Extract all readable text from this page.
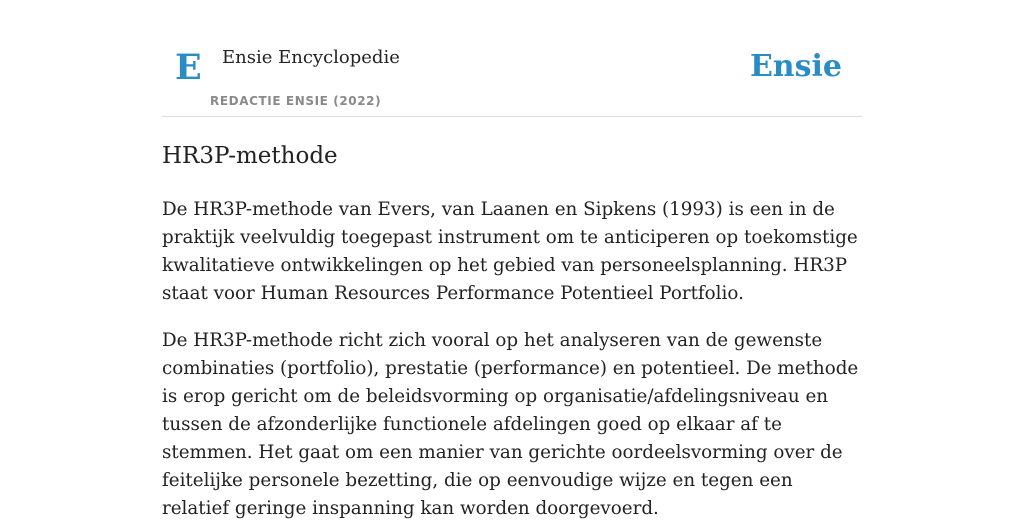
E Ensie Encyclopedie
REDACTIE ENSIE (2022)
Ensie
HR3P-methode

De HR3P-methode van Evers, van Laanen en Sipkens (1993) is een in de praktijk veelvuldig toegepast instrument om te anticiperen op toekomstige kwalitatieve ontwikkelingen op het gebied van personeelsplanning. HR3P staat voor Human Resources Performance Potentieel Portfolio.

De HR3P-methode richt zich vooral op het analyseren van de gewenste combinaties (portfolio), prestatie (performance) en potentieel. De methode is erop gericht om de beleidsvorming op organisatie/afdelingsniveau en tussen de afzonderlijke functionele afdelingen goed op elkaar af te stemmen. Het gaat om een manier van gerichte oordeelsvorming over de feitelijke personele bezetting, die op eenvoudige wijze en tegen een relatief geringe inspanning kan worden doorgevoerd.
